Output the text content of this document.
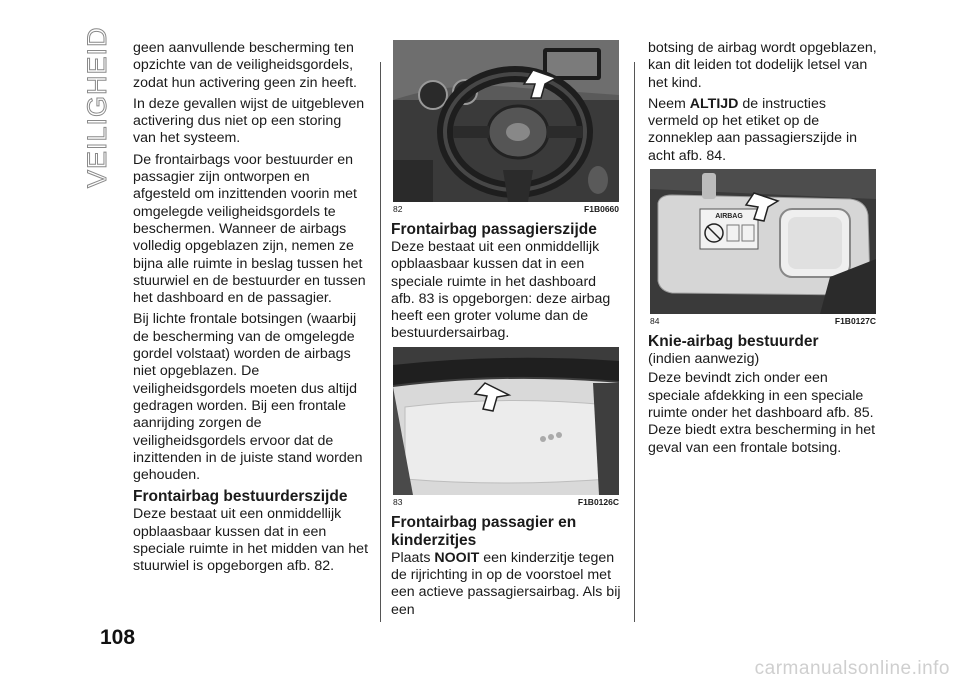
VEILIGHEID
108

geen aanvullende bescherming ten opzichte van de veiligheidsgordels, zodat hun activering geen zin heeft.

In deze gevallen wijst de uitgebleven activering dus niet op een storing van het systeem.

De frontairbags voor bestuurder en passagier zijn ontworpen en afgesteld om inzittenden voorin met omgelegde veiligheidsgordels te beschermen. Wanneer de airbags volledig opgeblazen zijn, nemen ze bijna alle ruimte in beslag tussen het stuurwiel en de bestuurder en tussen het dashboard en de passagier.

Bij lichte frontale botsingen (waarbij de bescherming van de omgelegde gordel volstaat) worden de airbags niet opgeblazen. De veiligheidsgordels moeten dus altijd gedragen worden. Bij een frontale aanrijding zorgen de veiligheidsgordels ervoor dat de inzittenden in de juiste stand worden gehouden.

Frontairbag bestuurderszijde

Deze bestaat uit een onmiddellijk opblaasbaar kussen dat in een speciale ruimte in het midden van het stuurwiel is opgeborgen afb. 82.

82	F1B0660
Frontairbag passagierszijde

Deze bestaat uit een onmiddellijk opblaasbaar kussen dat in een speciale ruimte in het dashboard afb. 83 is opgeborgen: deze airbag heeft een groter volume dan de bestuurdersairbag.

83	F1B0126C
Frontairbag passagier en kinderzitjes

Plaats NOOIT een kinderzitje tegen de rijrichting in op de voorstoel met een actieve passagiersairbag. Als bij een

botsing de airbag wordt opgeblazen, kan dit leiden tot dodelijk letsel van het kind.

Neem ALTIJD de instructies vermeld op het etiket op de zonneklep aan passagierszijde in acht afb. 84.

AIRBAG
84	F1B0127C
Knie-airbag bestuurder

(indien aanwezig)

Deze bevindt zich onder een speciale afdekking in een speciale ruimte onder het dashboard afb. 85. Deze biedt extra bescherming in het geval van een frontale botsing.

carmanualsonline.info
